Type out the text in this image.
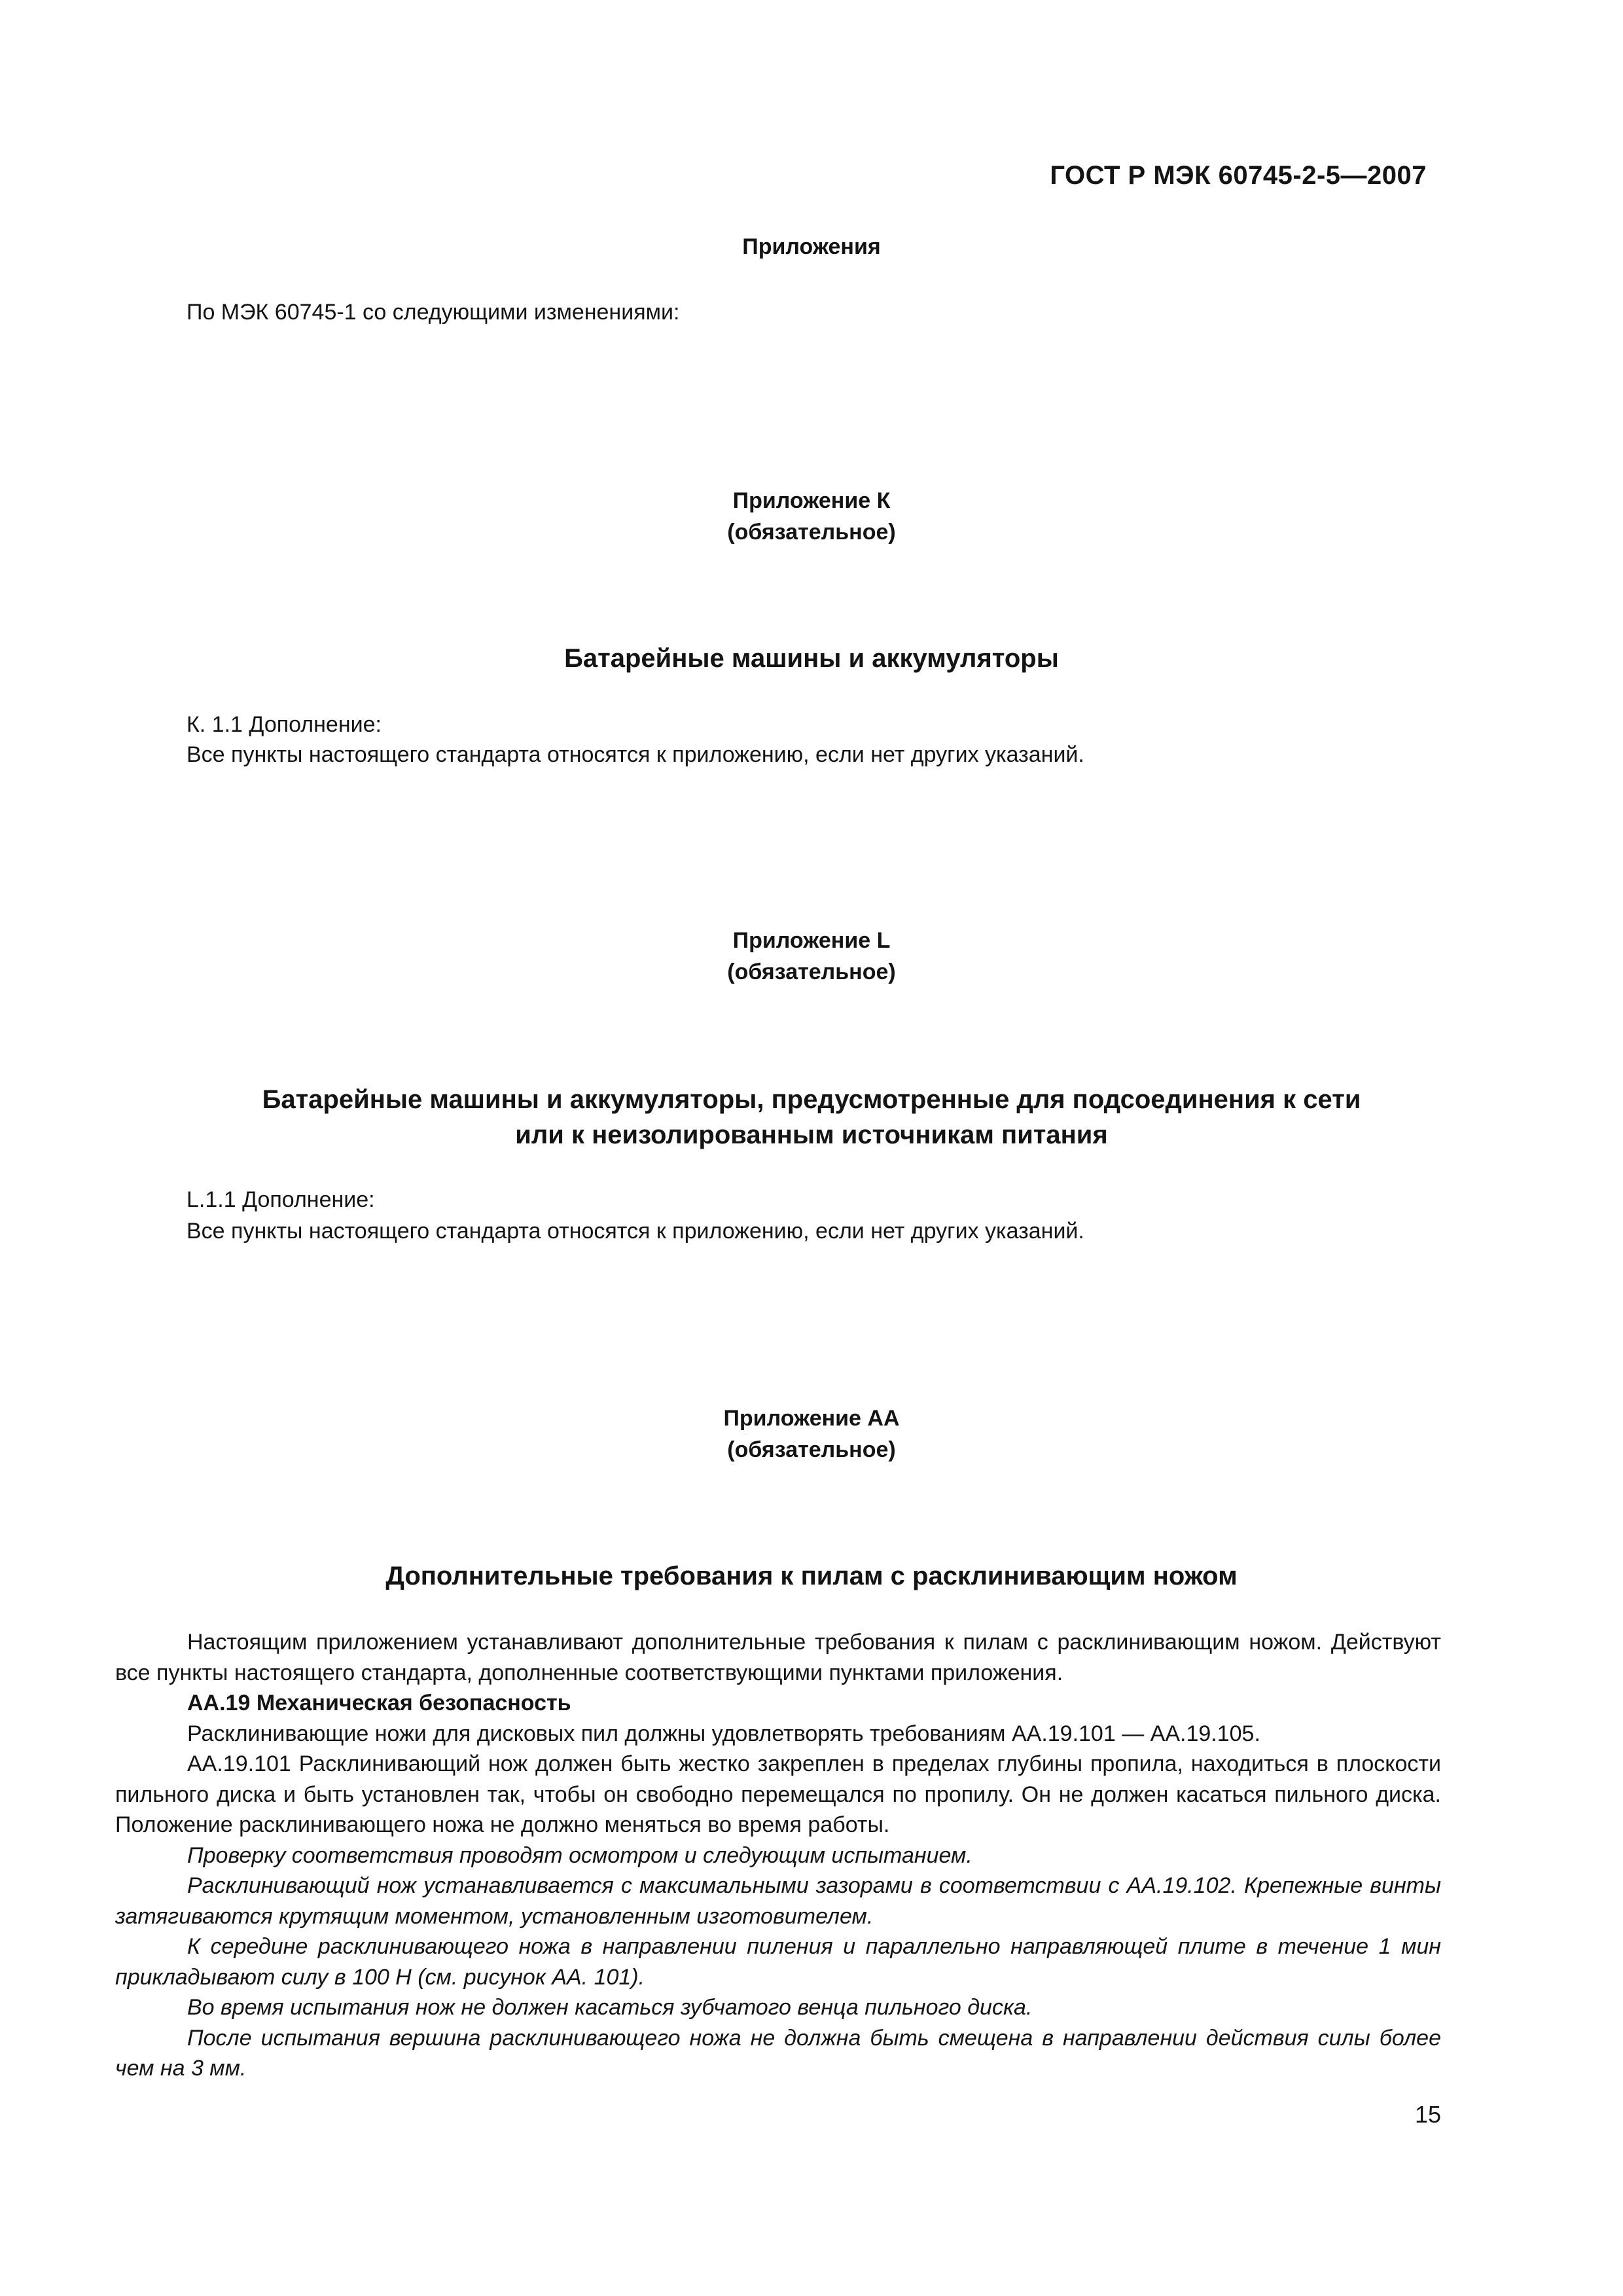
ГОСТ Р МЭК 60745-2-5—2007
Приложения
По МЭК 60745-1 со следующими изменениями:
Приложение К
(обязательное)
Батарейные машины и аккумуляторы
К. 1.1 Дополнение:
Все пункты настоящего стандарта относятся к приложению, если нет других указаний.
Приложение L
(обязательное)
Батарейные машины и аккумуляторы, предусмотренные для подсоединения к сети
или к неизолированным источникам питания
L.1.1 Дополнение:
Все пункты настоящего стандарта относятся к приложению, если нет других указаний.
Приложение АА
(обязательное)
Дополнительные требования к пилам с расклинивающим ножом

Настоящим приложением устанавливают дополнительные требования к пилам с расклинивающим ножом. Действуют все пункты настоящего стандарта, дополненные соответствующими пунктами приложения.

АА.19 Механическая безопасность

Расклинивающие ножи для дисковых пил должны удовлетворять требованиям АА.19.101 — АА.19.105.

АА.19.101 Расклинивающий нож должен быть жестко закреплен в пределах глубины пропила, находиться в плоскости пильного диска и быть установлен так, чтобы он свободно перемещался по пропилу. Он не должен касаться пильного диска. Положение расклинивающего ножа не должно меняться во время работы.

Проверку соответствия проводят осмотром и следующим испытанием.

Расклинивающий нож устанавливается с максимальными зазорами в соответствии с АА.19.102. Крепежные винты затягиваются крутящим моментом, установленным изготовителем.

К середине расклинивающего ножа в направлении пиления и параллельно направляющей плите в течение 1 мин прикладывают силу в 100 Н (см. рисунок АА. 101).

Во время испытания нож не должен касаться зубчатого венца пильного диска.

После испытания вершина расклинивающего ножа не должна быть смещена в направлении действия силы более чем на 3 мм.

15
